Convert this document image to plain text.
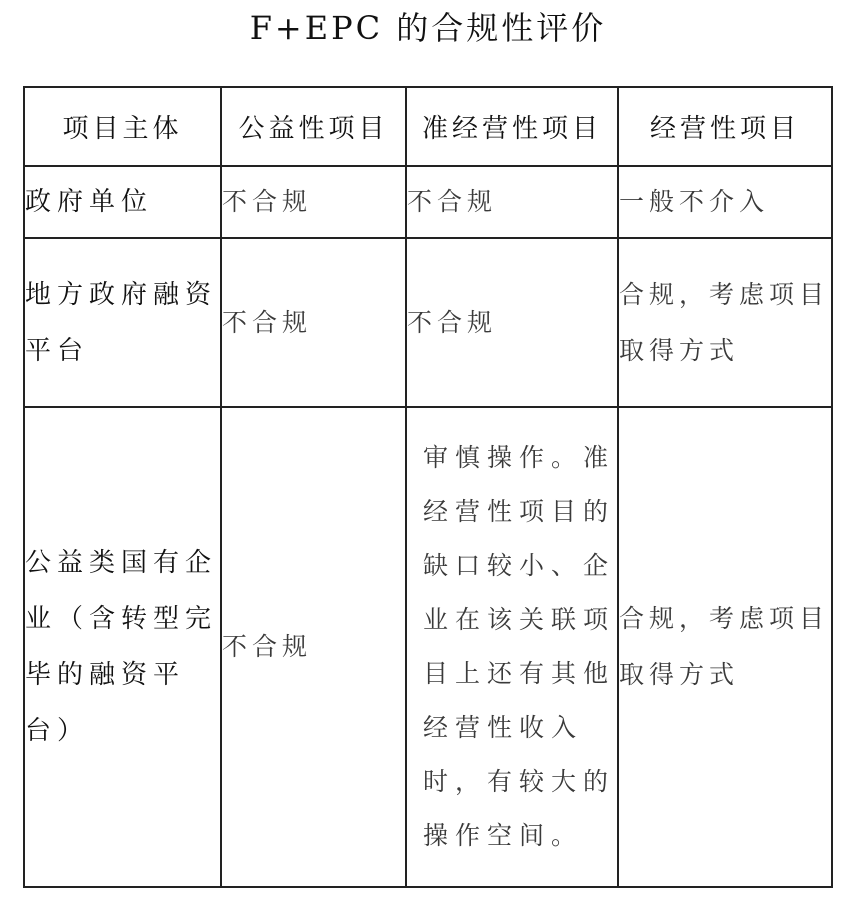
F+EPC 的合规性评价
项目主体	公益性项目	准经营性项目	经营性项目
政府单位	不合规	不合规	一般不介入
地方政府融资平台	不合规	不合规	合规，考虑项目取得方式
公益类国有企业（含转型完毕的融资平台）	不合规	审慎操作。准经营性项目的缺口较小、企业在该关联项目上还有其他经营性收入时，有较大的操作空间。	合规，考虑项目取得方式
